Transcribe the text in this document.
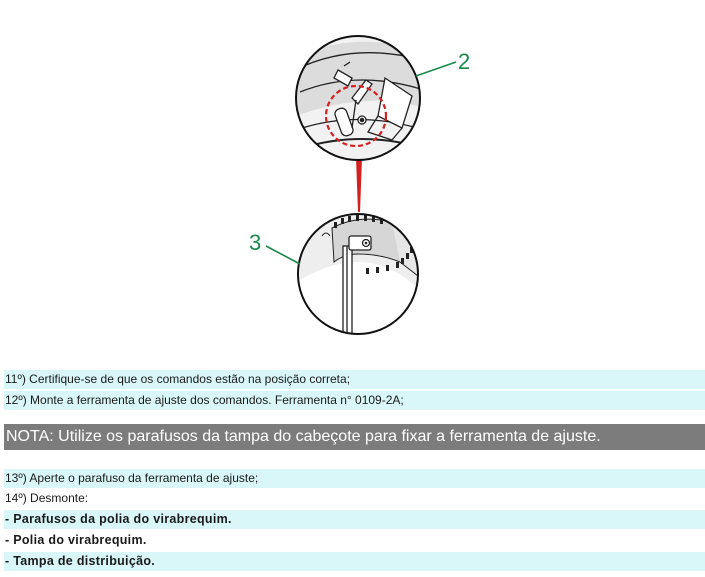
2
3
11º) Certifique-se de que os comandos estão na posição correta;
12º) Monte a ferramenta de ajuste dos comandos. Ferramenta n° 0109-2A;
NOTA: Utilize os parafusos da tampa do cabeçote para fixar a ferramenta de ajuste.
13º) Aperte o parafuso da ferramenta de ajuste;
14º) Desmonte:
- Parafusos da polia do virabrequim.
- Polia do virabrequim.
- Tampa de distribuição.
